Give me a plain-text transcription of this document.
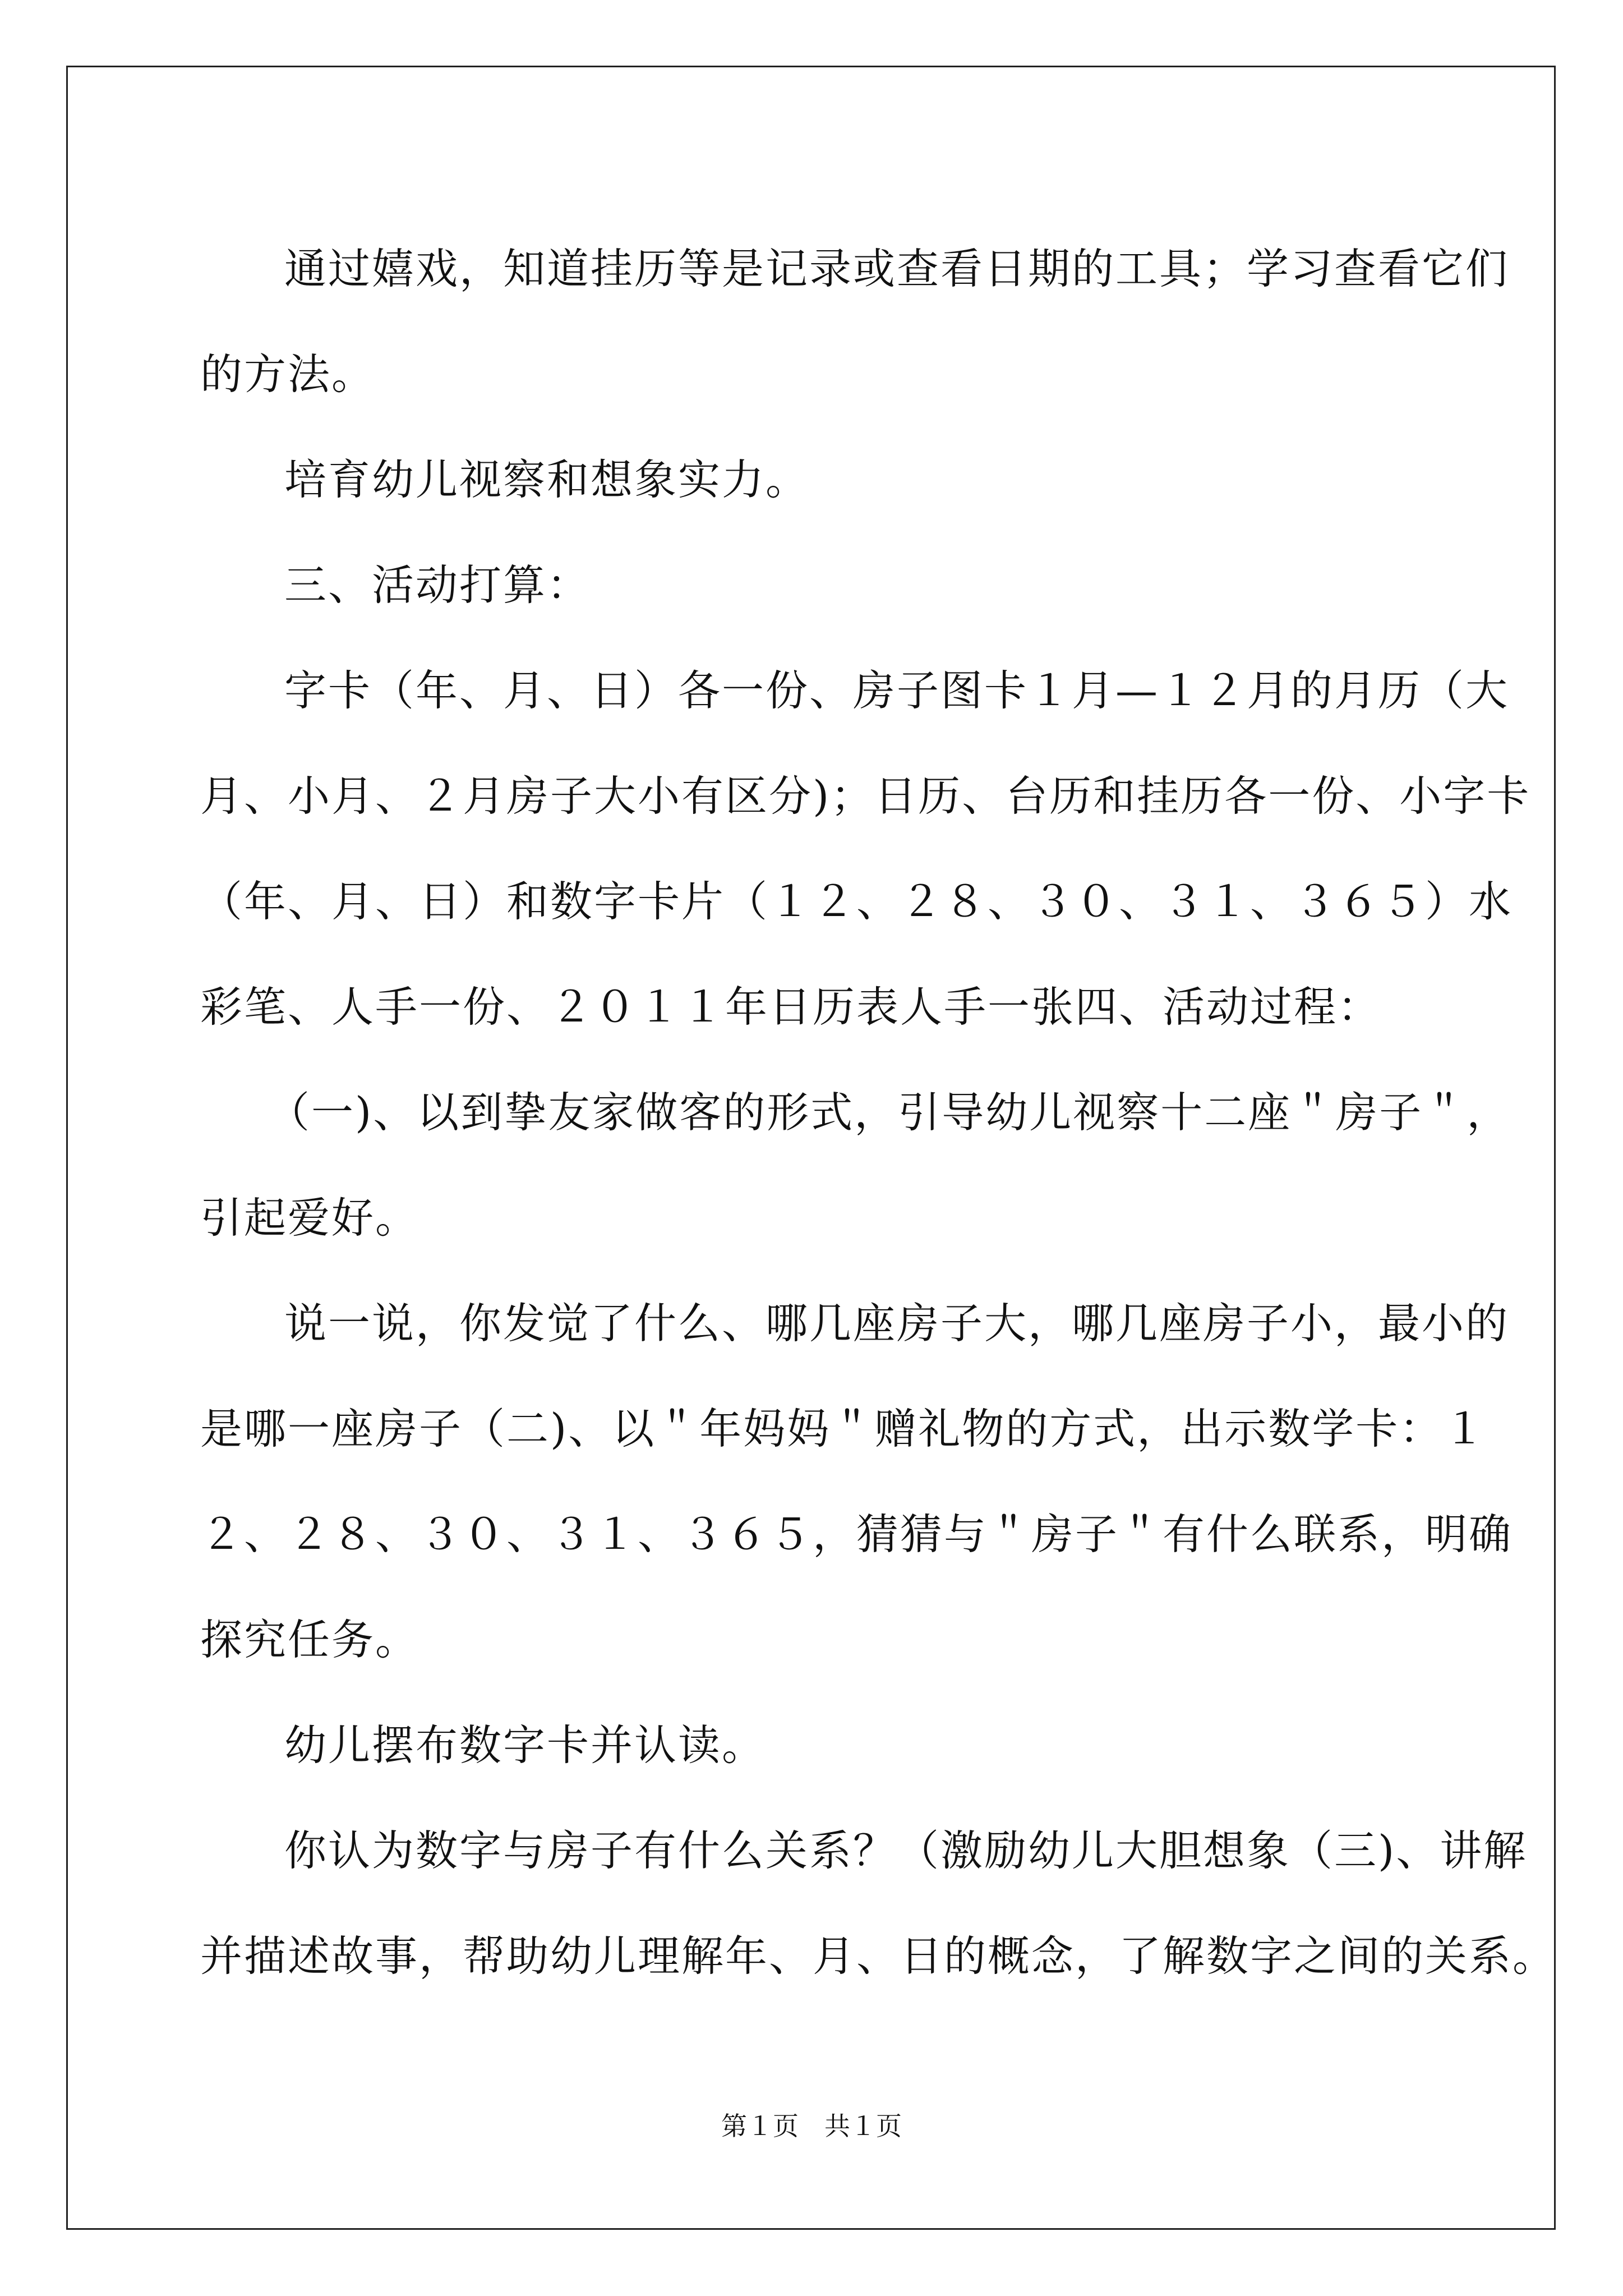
通过嬉戏，知道挂历等是记录或查看日期的工具；学习查看它们

的方法。

培育幼儿视察和想象实力。

三、活动打算：

字卡（年、月、日）各一份、房子图卡１月—１２月的月历（大

月、小月、２月房子大小有区分)；日历、台历和挂历各一份、小字卡

（年、月、日）和数字卡片（１２、２８、３０、３１、３６５）水

彩笔、人手一份、２０１１年日历表人手一张四、活动过程：

（一)、以到挚友家做客的形式，引导幼儿视察十二座＂房子＂，

引起爱好。

说一说，你发觉了什么、哪几座房子大，哪几座房子小，最小的

是哪一座房子（二)、以＂年妈妈＂赠礼物的方式，出示数学卡：１

２、２８、３０、３１、３６５，猜猜与＂房子＂有什么联系，明确

探究任务。

幼儿摆布数字卡并认读。

你认为数字与房子有什么关系？（激励幼儿大胆想象（三)、讲解

并描述故事，帮助幼儿理解年、月、日的概念，了解数字之间的关系。

第１页　共１页
